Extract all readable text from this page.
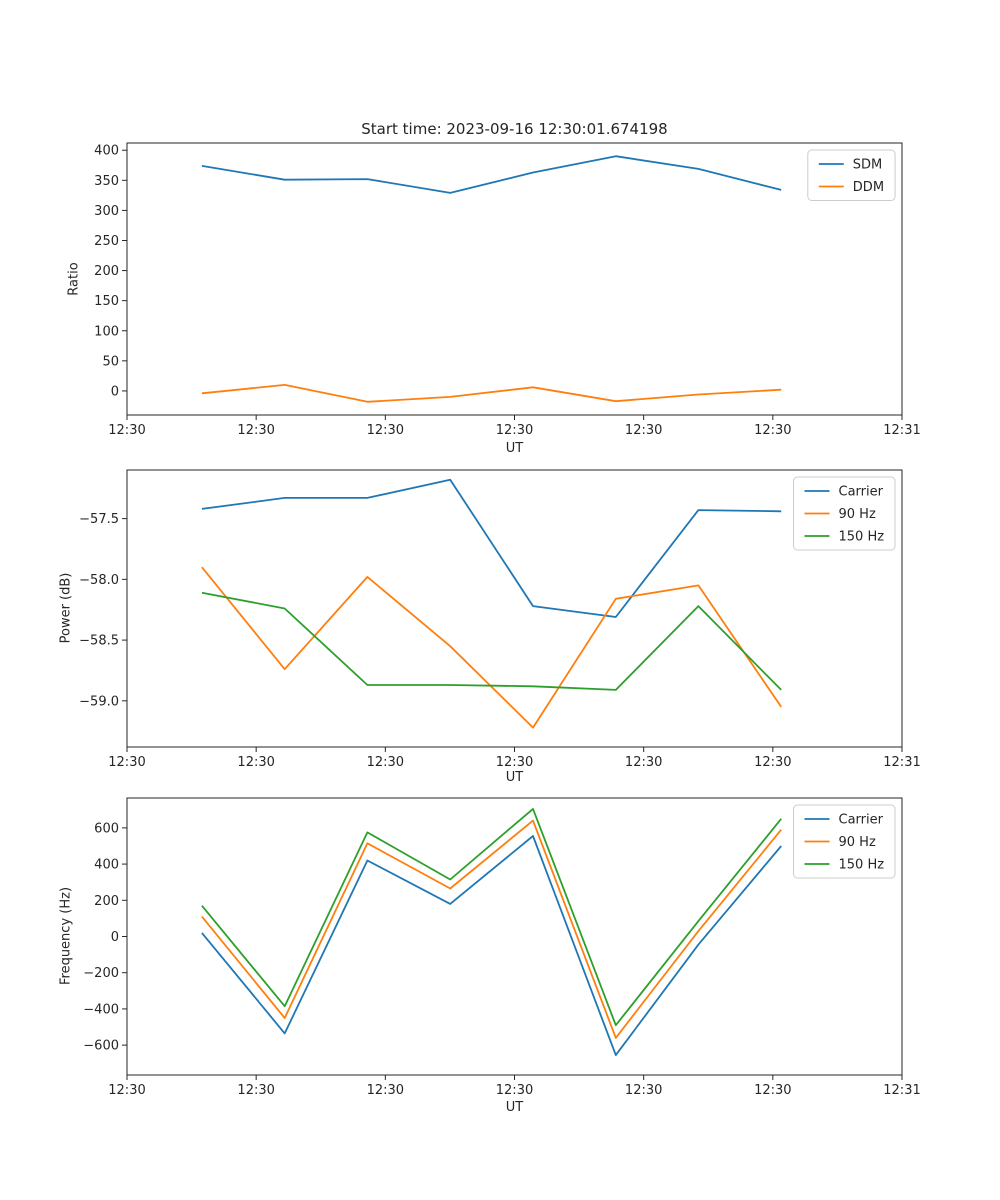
Start time: 2023-09-16 12:30:01.674198
Ratio
Power (dB)
Frequency (Hz)
12:30	12:30	12:30	12:30	12:30	12:30	12:31
0
50
100
150
200
250
300
350
400
SDM
DDM
12:30	12:30	12:30	12:30	12:30	12:30	12:31
−59.0
−58.5
−58.0
−57.5
Carrier
90 Hz
150 Hz
12:30	12:30	12:30	12:30	12:30	12:30	12:31
−600
−400
−200
0
200
400
600
Carrier
90 Hz
150 Hz
UT
UT
UT
